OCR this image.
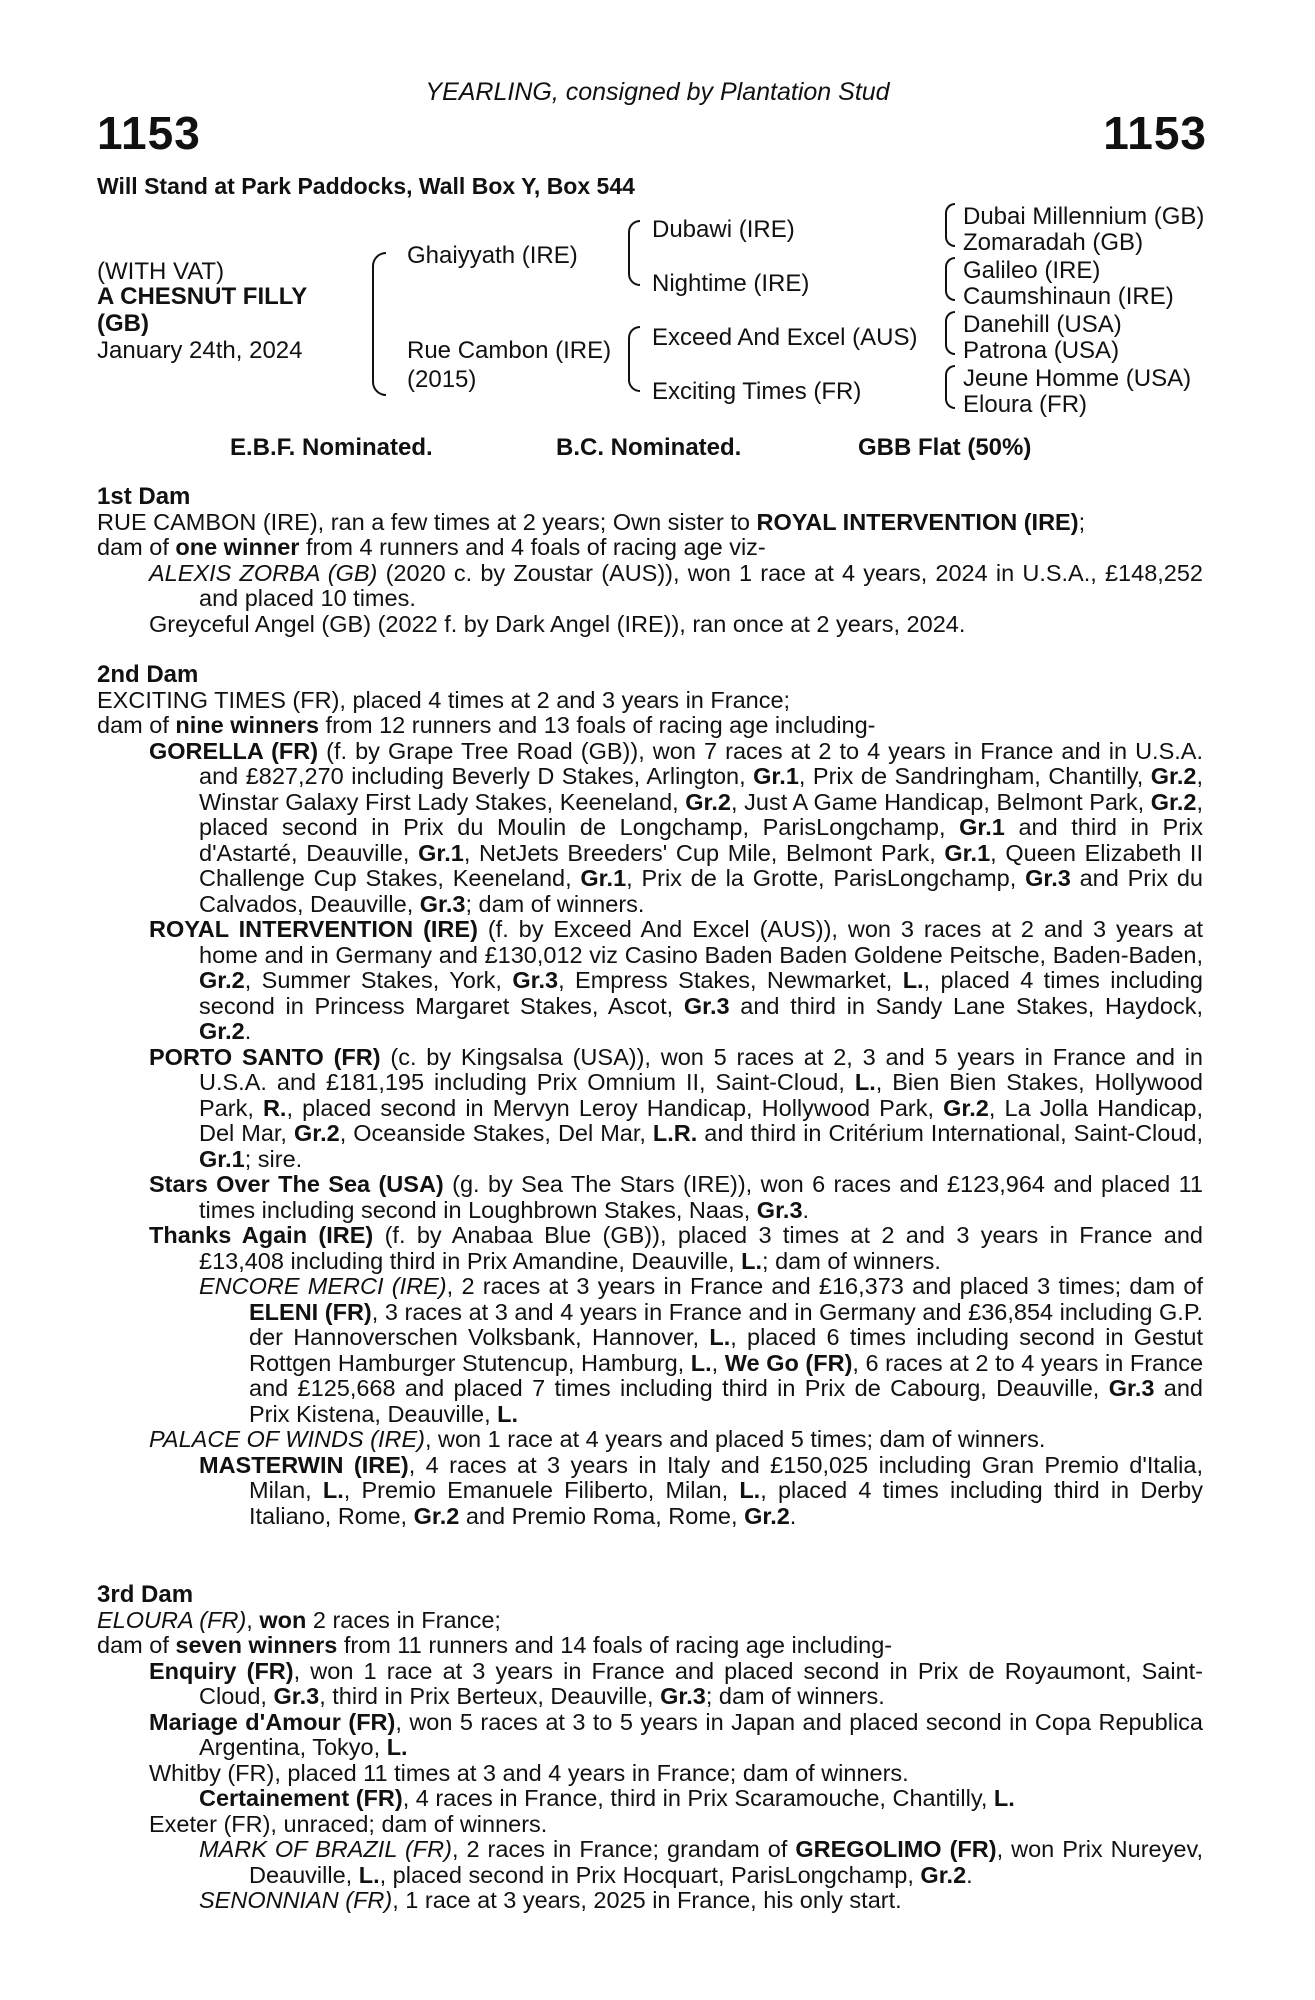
YEARLING, consigned by Plantation Stud
1153	1153
Will Stand at Park Paddocks, Wall Box Y, Box 544
(WITH VAT)
A CHESNUT FILLY
(GB)
January 24th, 2024
Ghaiyyath (IRE)
Rue Cambon (IRE)
(2015)
Dubawi (IRE)
Nightime (IRE)
Exceed And Excel (AUS)
Exciting Times (FR)
Dubai Millennium (GB)
Zomaradah (GB)
Galileo (IRE)
Caumshinaun (IRE)
Danehill (USA)
Patrona (USA)
Jeune Homme (USA)
Eloura (FR)
E.B.F. Nominated.	B.C. Nominated.	GBB Flat (50%)

1st Dam

RUE CAMBON (IRE), ran a few times at 2 years; Own sister to ROYAL INTERVENTION (IRE);

dam of one winner from 4 runners and 4 foals of racing age viz-

ALEXIS ZORBA (GB) (2020 c. by Zoustar (AUS)), won 1 race at 4 years, 2024 in U.S.A., £148,252 and placed 10 times.

Greyceful Angel (GB) (2022 f. by Dark Angel (IRE)), ran once at 2 years, 2024.

2nd Dam

EXCITING TIMES (FR), placed 4 times at 2 and 3 years in France;

dam of nine winners from 12 runners and 13 foals of racing age including-

GORELLA (FR) (f. by Grape Tree Road (GB)), won 7 races at 2 to 4 years in France and in U.S.A. and £827,270 including Beverly D Stakes, Arlington, Gr.1, Prix de Sandringham, Chantilly, Gr.2, Winstar Galaxy First Lady Stakes, Keeneland, Gr.2, Just A Game Handicap, Belmont Park, Gr.2, placed second in Prix du Moulin de Longchamp, ParisLongchamp, Gr.1 and third in Prix d'Astarté, Deauville, Gr.1, NetJets Breeders' Cup Mile, Belmont Park, Gr.1, Queen Elizabeth II Challenge Cup Stakes, Keeneland, Gr.1, Prix de la Grotte, ParisLongchamp, Gr.3 and Prix du Calvados, Deauville, Gr.3; dam of winners.

ROYAL INTERVENTION (IRE) (f. by Exceed And Excel (AUS)), won 3 races at 2 and 3 years at home and in Germany and £130,012 viz Casino Baden Baden Goldene Peitsche, Baden-Baden, Gr.2, Summer Stakes, York, Gr.3, Empress Stakes, Newmarket, L., placed 4 times including second in Princess Margaret Stakes, Ascot, Gr.3 and third in Sandy Lane Stakes, Haydock, Gr.2.

PORTO SANTO (FR) (c. by Kingsalsa (USA)), won 5 races at 2, 3 and 5 years in France and in U.S.A. and £181,195 including Prix Omnium II, Saint-Cloud, L., Bien Bien Stakes, Hollywood Park, R., placed second in Mervyn Leroy Handicap, Hollywood Park, Gr.2, La Jolla Handicap, Del Mar, Gr.2, Oceanside Stakes, Del Mar, L.R. and third in Critérium International, Saint-Cloud, Gr.1; sire.

Stars Over The Sea (USA) (g. by Sea The Stars (IRE)), won 6 races and £123,964 and placed 11 times including second in Loughbrown Stakes, Naas, Gr.3.

Thanks Again (IRE) (f. by Anabaa Blue (GB)), placed 3 times at 2 and 3 years in France and £13,408 including third in Prix Amandine, Deauville, L.; dam of winners.

ENCORE MERCI (IRE), 2 races at 3 years in France and £16,373 and placed 3 times; dam of ELENI (FR), 3 races at 3 and 4 years in France and in Germany and £36,854 including G.P. der Hannoverschen Volksbank, Hannover, L., placed 6 times including second in Gestut Rottgen Hamburger Stutencup, Hamburg, L., We Go (FR), 6 races at 2 to 4 years in France and £125,668 and placed 7 times including third in Prix de Cabourg, Deauville, Gr.3 and Prix Kistena, Deauville, L.

PALACE OF WINDS (IRE), won 1 race at 4 years and placed 5 times; dam of winners.

MASTERWIN (IRE), 4 races at 3 years in Italy and £150,025 including Gran Premio d'Italia, Milan, L., Premio Emanuele Filiberto, Milan, L., placed 4 times including third in Derby Italiano, Rome, Gr.2 and Premio Roma, Rome, Gr.2.

3rd Dam

ELOURA (FR), won 2 races in France;

dam of seven winners from 11 runners and 14 foals of racing age including-

Enquiry (FR), won 1 race at 3 years in France and placed second in Prix de Royaumont, Saint-Cloud, Gr.3, third in Prix Berteux, Deauville, Gr.3; dam of winners.

Mariage d'Amour (FR), won 5 races at 3 to 5 years in Japan and placed second in Copa Republica Argentina, Tokyo, L.

Whitby (FR), placed 11 times at 3 and 4 years in France; dam of winners.

Certainement (FR), 4 races in France, third in Prix Scaramouche, Chantilly, L.

Exeter (FR), unraced; dam of winners.

MARK OF BRAZIL (FR), 2 races in France; grandam of GREGOLIMO (FR), won Prix Nureyev, Deauville, L., placed second in Prix Hocquart, ParisLongchamp, Gr.2.

SENONNIAN (FR), 1 race at 3 years, 2025 in France, his only start.
